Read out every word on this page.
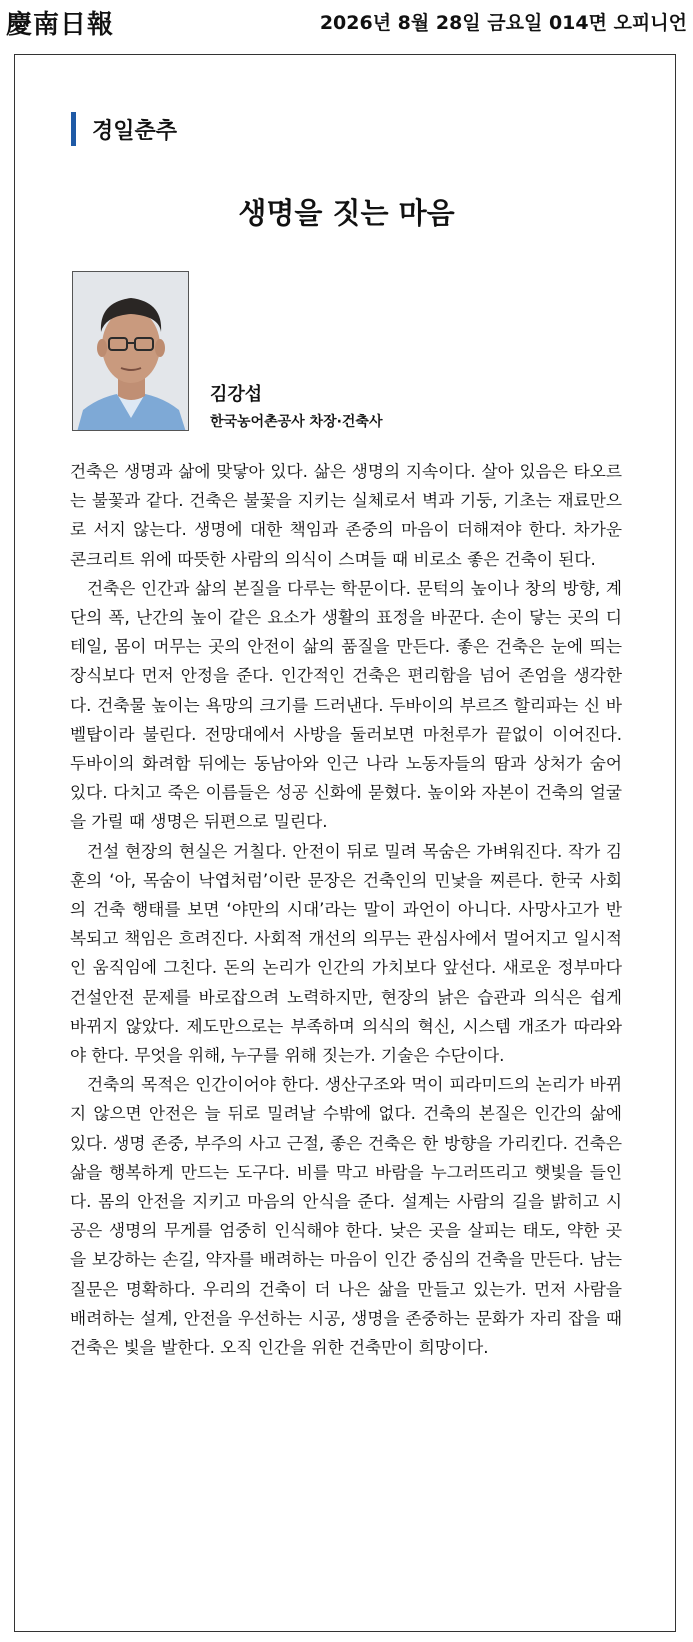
慶南日報	2026년 8월 28일 금요일 014면 오피니언
경일춘추
생명을 짓는 마음
김강섭
한국농어촌공사 차장·건축사

건축은 생명과 삶에 맞닿아 있다. 삶은 생명의 지속이다. 살아 있음은 타오르는 불꽃과 같다. 건축은 불꽃을 지키는 실체로서 벽과 기둥, 기초는 재료만으로 서지 않는다. 생명에 대한 책임과 존중의 마음이 더해져야 한다. 차가운 콘크리트 위에 따뜻한 사람의 의식이 스며들 때 비로소 좋은 건축이 된다.

건축은 인간과 삶의 본질을 다루는 학문이다. 문턱의 높이나 창의 방향, 계단의 폭, 난간의 높이 같은 요소가 생활의 표정을 바꾼다. 손이 닿는 곳의 디테일, 몸이 머무는 곳의 안전이 삶의 품질을 만든다. 좋은 건축은 눈에 띄는 장식보다 먼저 안정을 준다. 인간적인 건축은 편리함을 넘어 존엄을 생각한다. 건축물 높이는 욕망의 크기를 드러낸다. 두바이의 부르즈 할리파는 신 바벨탑이라 불린다. 전망대에서 사방을 둘러보면 마천루가 끝없이 이어진다. 두바이의 화려함 뒤에는 동남아와 인근 나라 노동자들의 땀과 상처가 숨어 있다. 다치고 죽은 이름들은 성공 신화에 묻혔다. 높이와 자본이 건축의 얼굴을 가릴 때 생명은 뒤편으로 밀린다.

건설 현장의 현실은 거칠다. 안전이 뒤로 밀려 목숨은 가벼워진다. 작가 김훈의 ‘아, 목숨이 낙엽처럼’이란 문장은 건축인의 민낯을 찌른다. 한국 사회의 건축 행태를 보면 ‘야만의 시대’라는 말이 과언이 아니다. 사망사고가 반복되고 책임은 흐려진다. 사회적 개선의 의무는 관심사에서 멀어지고 일시적인 움직임에 그친다. 돈의 논리가 인간의 가치보다 앞선다. 새로운 정부마다 건설안전 문제를 바로잡으려 노력하지만, 현장의 낡은 습관과 의식은 쉽게 바뀌지 않았다. 제도만으로는 부족하며 의식의 혁신, 시스템 개조가 따라와야 한다. 무엇을 위해, 누구를 위해 짓는가. 기술은 수단이다.

건축의 목적은 인간이어야 한다. 생산구조와 먹이 피라미드의 논리가 바뀌지 않으면 안전은 늘 뒤로 밀려날 수밖에 없다. 건축의 본질은 인간의 삶에 있다. 생명 존중, 부주의 사고 근절, 좋은 건축은 한 방향을 가리킨다. 건축은 삶을 행복하게 만드는 도구다. 비를 막고 바람을 누그러뜨리고 햇빛을 들인다. 몸의 안전을 지키고 마음의 안식을 준다. 설계는 사람의 길을 밝히고 시공은 생명의 무게를 엄중히 인식해야 한다. 낮은 곳을 살피는 태도, 약한 곳을 보강하는 손길, 약자를 배려하는 마음이 인간 중심의 건축을 만든다. 남는 질문은 명확하다. 우리의 건축이 더 나은 삶을 만들고 있는가. 먼저 사람을 배려하는 설계, 안전을 우선하는 시공, 생명을 존중하는 문화가 자리 잡을 때 건축은 빛을 발한다. 오직 인간을 위한 건축만이 희망이다.
